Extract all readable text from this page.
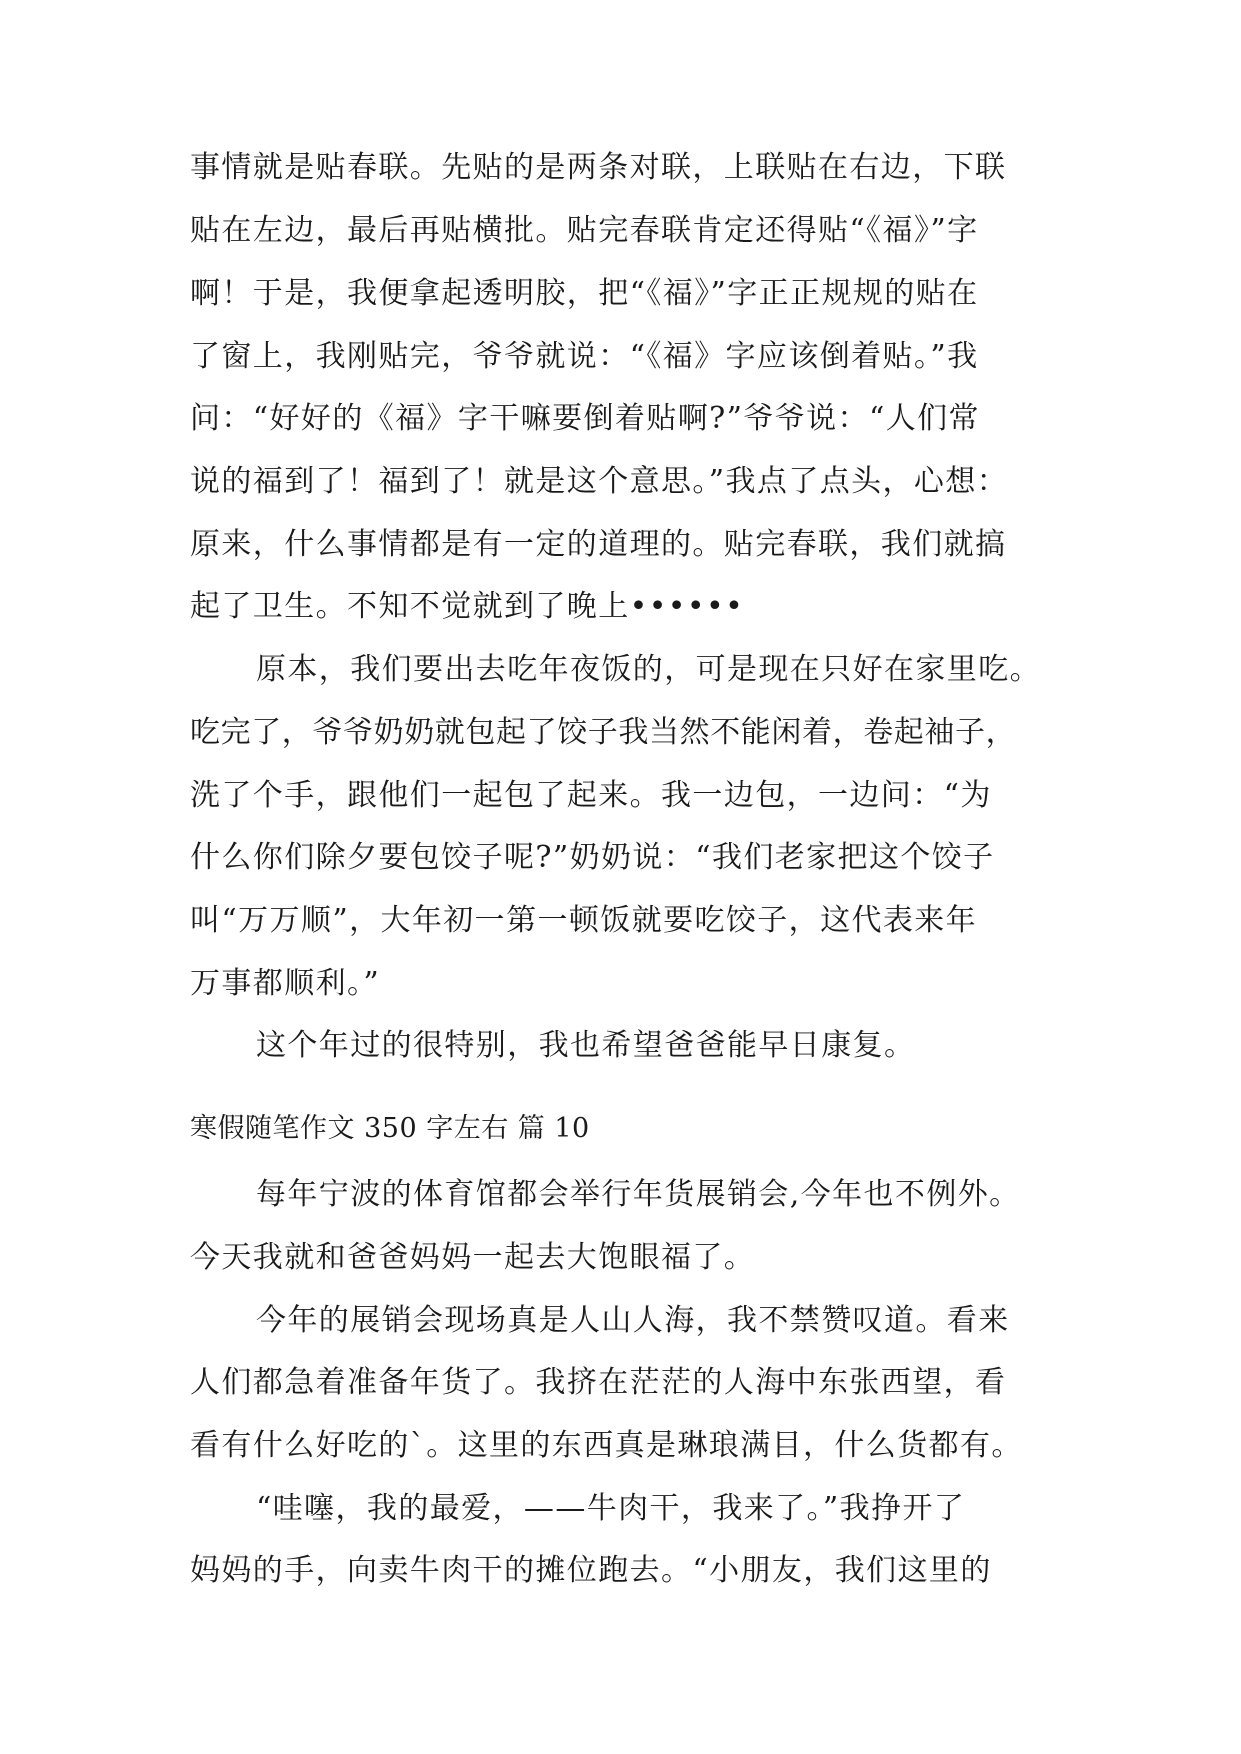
事情就是贴春联。先贴的是两条对联，上联贴在右边，下联
贴在左边，最后再贴横批。贴完春联肯定还得贴“《福》”字
啊！于是，我便拿起透明胶，把“《福》”字正正规规的贴在
了窗上，我刚贴完，爷爷就说：“《福》字应该倒着贴。”我
问：“好好的《福》字干嘛要倒着贴啊?”爷爷说：“人们常
说的福到了！福到了！就是这个意思。”我点了点头，心想：
原来，什么事情都是有一定的道理的。贴完春联，我们就搞
起了卫生。不知不觉就到了晚上••••••
原本，我们要出去吃年夜饭的，可是现在只好在家里吃。
吃完了，爷爷奶奶就包起了饺子我当然不能闲着，卷起袖子，
洗了个手，跟他们一起包了起来。我一边包，一边问：“为
什么你们除夕要包饺子呢?”奶奶说：“我们老家把这个饺子
叫“万万顺”，大年初一第一顿饭就要吃饺子，这代表来年
万事都顺利。”
这个年过的很特别，我也希望爸爸能早日康复。
寒假随笔作文 350 字左右 篇 10
每年宁波的体育馆都会举行年货展销会,今年也不例外。
今天我就和爸爸妈妈一起去大饱眼福了。
今年的展销会现场真是人山人海，我不禁赞叹道。看来
人们都急着准备年货了。我挤在茫茫的人海中东张西望，看
看有什么好吃的`。这里的东西真是琳琅满目，什么货都有。
“哇噻，我的最爱，——牛肉干，我来了。”我挣开了
妈妈的手，向卖牛肉干的摊位跑去。“小朋友，我们这里的
